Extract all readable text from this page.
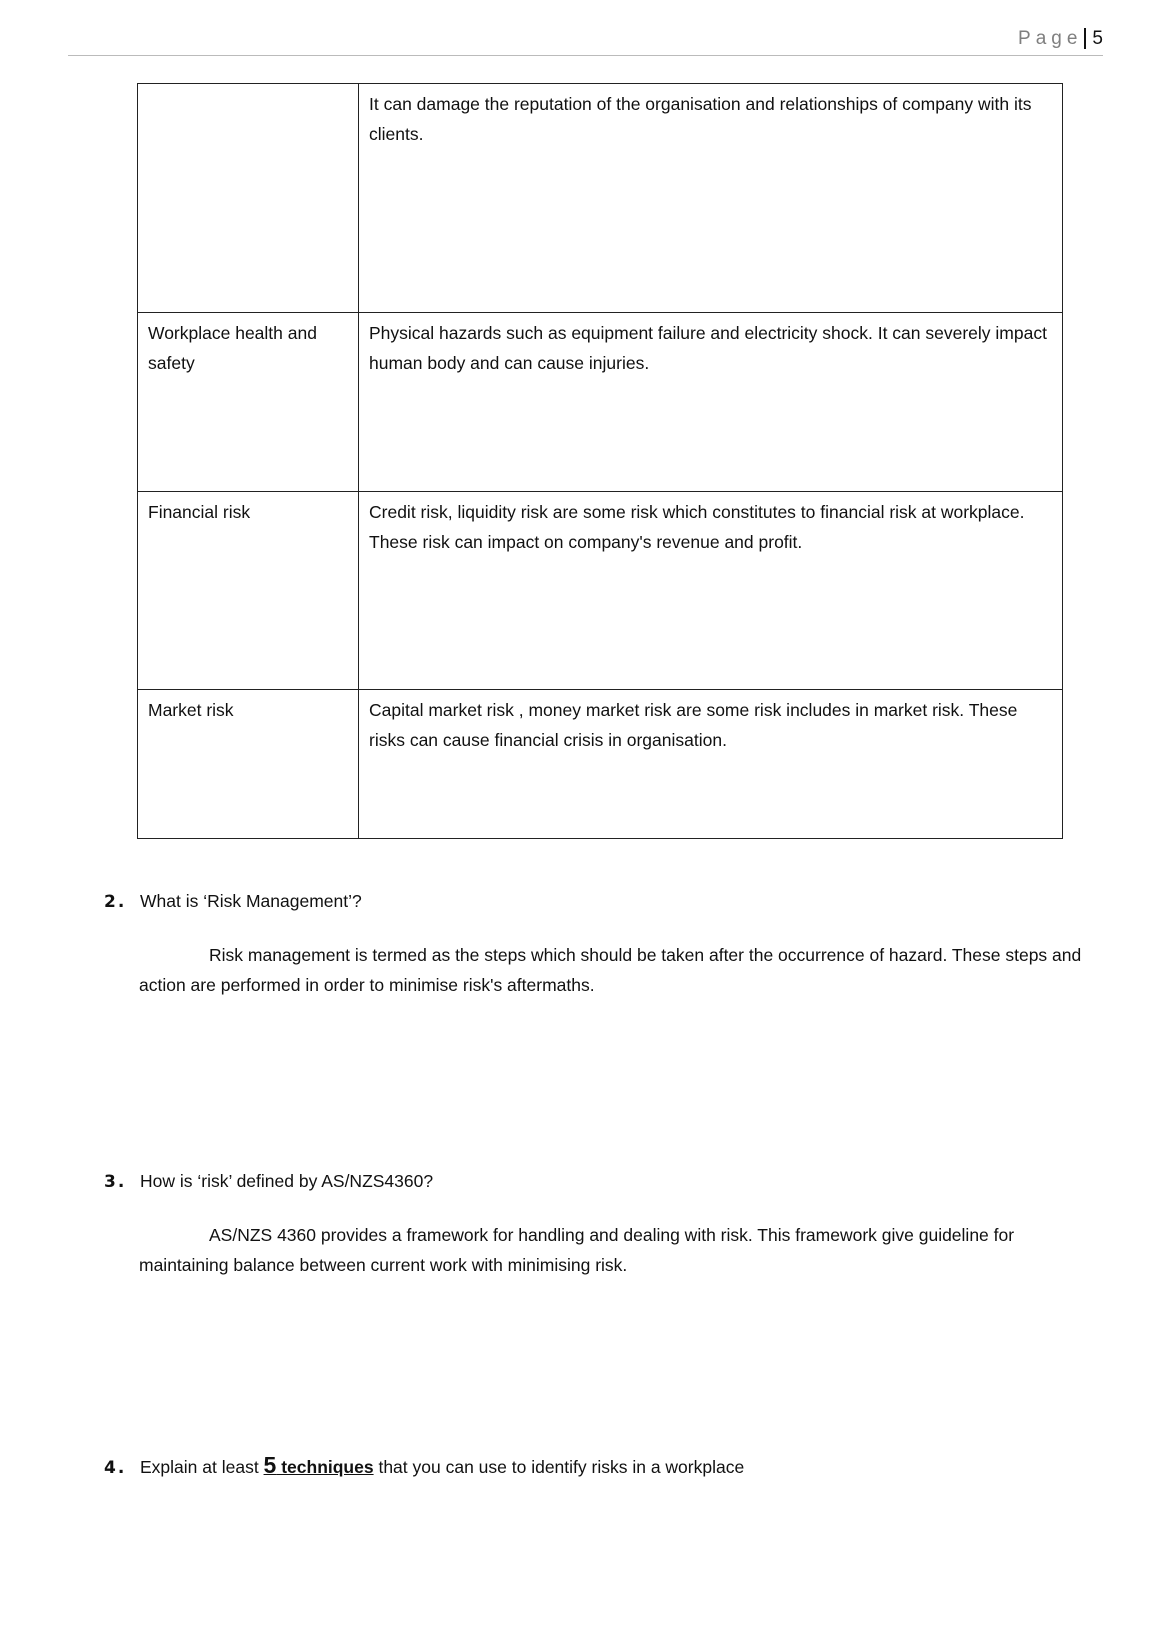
Page 5
	It can damage the reputation of the organisation and relationships of company with its clients.
Workplace health and safety	Physical hazards such as equipment failure and electricity shock. It can severely impact human body and can cause injuries.
Financial risk	Credit risk, liquidity risk are some risk which constitutes to financial risk at workplace. These risk can impact on company's revenue and profit.
Market risk	Capital market risk , money market risk are some risk includes in market risk. These risks can cause financial crisis in organisation.
2. What is ‘Risk Management’?
Risk management is termed as the steps which should be taken after the occurrence of hazard. These steps and action are performed in order to minimise risk's aftermaths.
3. How is ‘risk’ defined by AS/NZS4360?
AS/NZS 4360 provides a framework for handling and dealing with risk. This framework give guideline for maintaining balance between current work with minimising risk.
4. Explain at least 5 techniques that you can use to identify risks in a workplace
